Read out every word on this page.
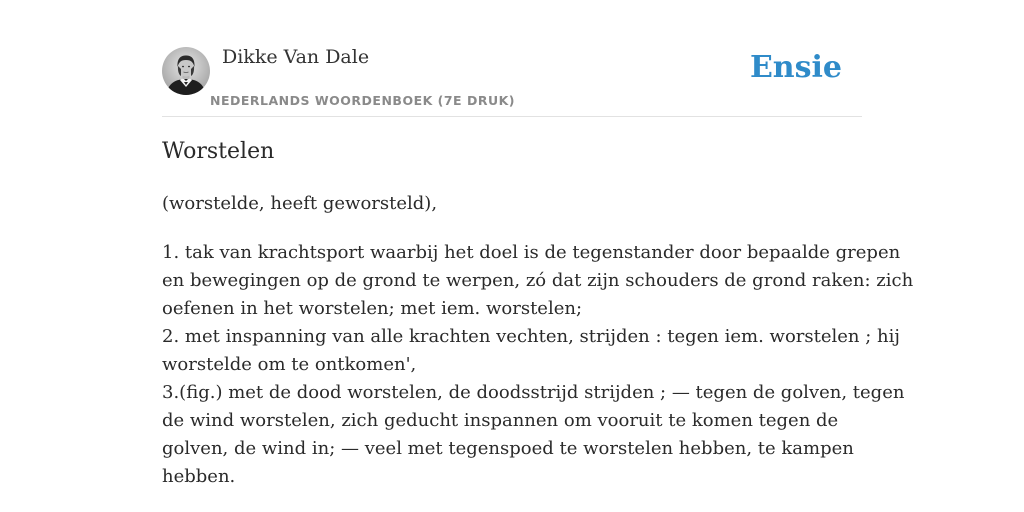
Dikke Van Dale
NEDERLANDS WOORDENBOEK (7E DRUK)
Ensie
Worstelen
(worstelde, heeft geworsteld),

1. tak van krachtsport waarbij het doel is de tegenstander door bepaalde grepen

en bewegingen op de grond te werpen, zó dat zijn schouders de grond raken: zich

oefenen in het worstelen; met iem. worstelen;

2. met inspanning van alle krachten vechten, strijden : tegen iem. worstelen ; hij

worstelde om te ontkomen',

3.(fig.) met de dood worstelen, de doodsstrijd strijden ; — tegen de golven, tegen

de wind worstelen, zich geducht inspannen om vooruit te komen tegen de

golven, de wind in; — veel met tegenspoed te worstelen hebben, te kampen

hebben.
